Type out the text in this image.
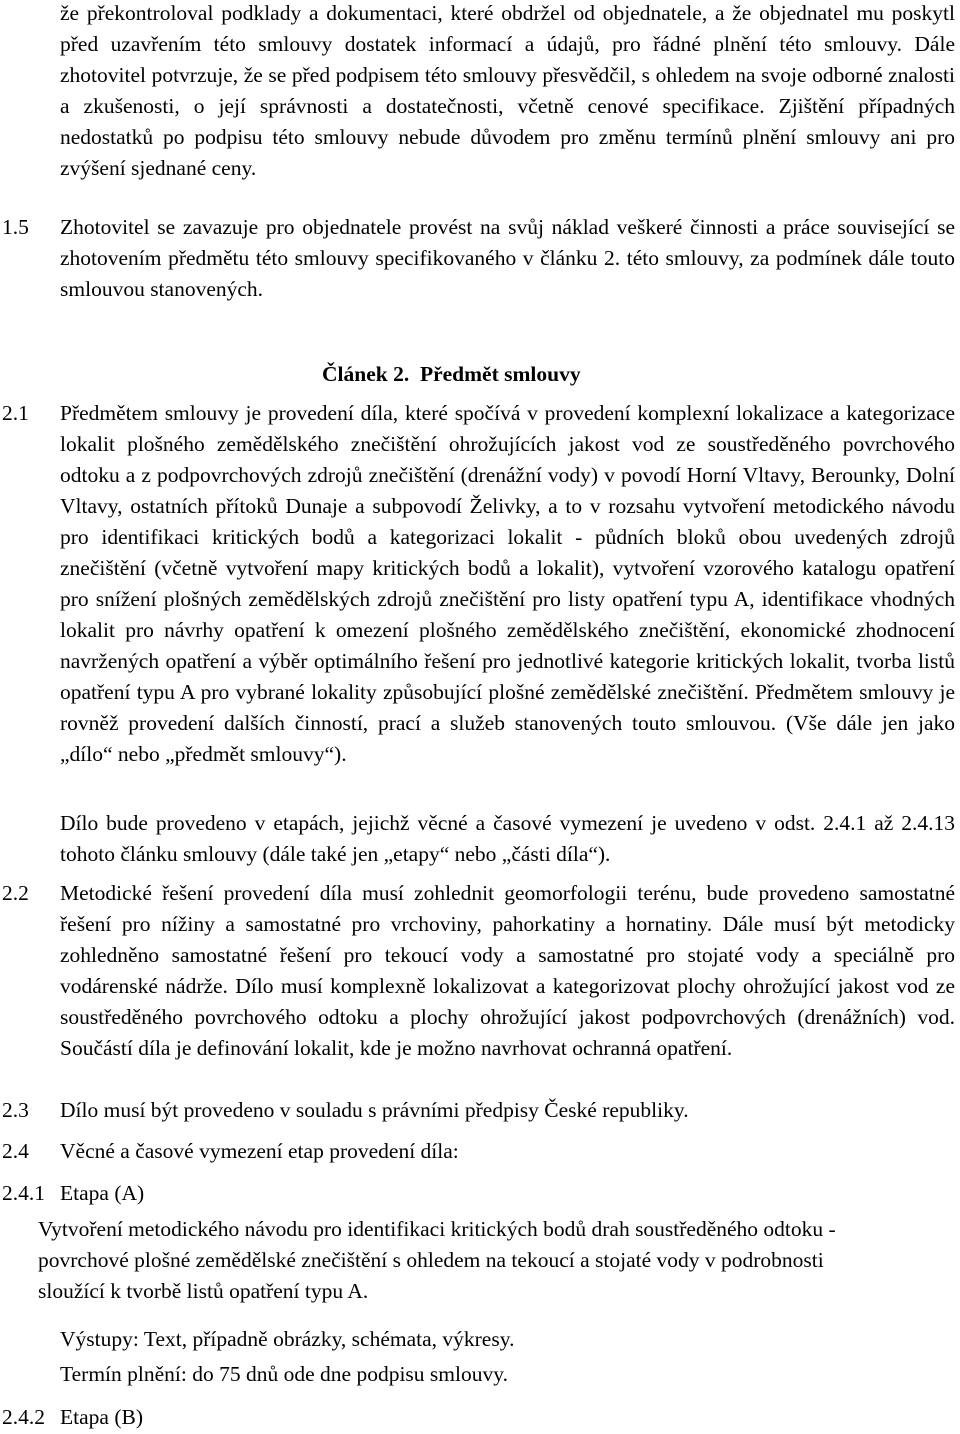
že překontroloval podklady a dokumentaci, které obdržel od objednatele, a že objednatel mu poskytl před uzavřením této smlouvy dostatek informací a údajů, pro řádné plnění této smlouvy. Dále zhotovitel potvrzuje, že se před podpisem této smlouvy přesvědčil, s ohledem na svoje odborné znalosti a zkušenosti, o její správnosti a dostatečnosti, včetně cenové specifikace. Zjištění případných nedostatků po podpisu této smlouvy nebude důvodem pro změnu termínů plnění smlouvy ani pro zvýšení sjednané ceny.
1.5 Zhotovitel se zavazuje pro objednatele provést na svůj náklad veškeré činnosti a práce související se zhotovením předmětu této smlouvy specifikovaného v článku 2. této smlouvy, za podmínek dále touto smlouvou stanovených.
Článek 2. Předmět smlouvy
2.1 Předmětem smlouvy je provedení díla, které spočívá v provedení komplexní lokalizace a kategorizace lokalit plošného zemědělského znečištění ohrožujících jakost vod ze soustředěného povrchového odtoku a z podpovrchových zdrojů znečištění (drenážní vody) v povodí Horní Vltavy, Berounky, Dolní Vltavy, ostatních přítoků Dunaje a subpovodí Želivky, a to v rozsahu vytvoření metodického návodu pro identifikaci kritických bodů a kategorizaci lokalit - půdních bloků obou uvedených zdrojů znečištění (včetně vytvoření mapy kritických bodů a lokalit), vytvoření vzorového katalogu opatření pro snížení plošných zemědělských zdrojů znečištění pro listy opatření typu A, identifikace vhodných lokalit pro návrhy opatření k omezení plošného zemědělského znečištění, ekonomické zhodnocení navržených opatření a výběr optimálního řešení pro jednotlivé kategorie kritických lokalit, tvorba listů opatření typu A pro vybrané lokality způsobující plošné zemědělské znečištění. Předmětem smlouvy je rovněž provedení dalších činností, prací a služeb stanovených touto smlouvou. (Vše dále jen jako „dílo“ nebo „předmět smlouvy“).
Dílo bude provedeno v etapách, jejichž věcné a časové vymezení je uvedeno v odst. 2.4.1 až 2.4.13 tohoto článku smlouvy (dále také jen „etapy“ nebo „části díla“).
2.2 Metodické řešení provedení díla musí zohlednit geomorfologii terénu, bude provedeno samostatné řešení pro nížiny a samostatné pro vrchoviny, pahorkatiny a hornatiny. Dále musí být metodicky zohledněno samostatné řešení pro tekoucí vody a samostatné pro stojaté vody a speciálně pro vodárenské nádrže. Dílo musí komplexně lokalizovat a kategorizovat plochy ohrožující jakost vod ze soustředěného povrchového odtoku a plochy ohrožující jakost podpovrchových (drenážních) vod. Součástí díla je definování lokalit, kde je možno navrhovat ochranná opatření.
2.3 Dílo musí být provedeno v souladu s právními předpisy České republiky.
2.4 Věcné a časové vymezení etap provedení díla:
2.4.1 Etapa (A)
Vytvoření metodického návodu pro identifikaci kritických bodů drah soustředěného odtoku - povrchové plošné zemědělské znečištění s ohledem na tekoucí a stojaté vody v podrobnosti sloužící k tvorbě listů opatření typu A.
Výstupy: Text, případně obrázky, schémata, výkresy.
Termín plnění: do 75 dnů ode dne podpisu smlouvy.
2.4.2 Etapa (B)
